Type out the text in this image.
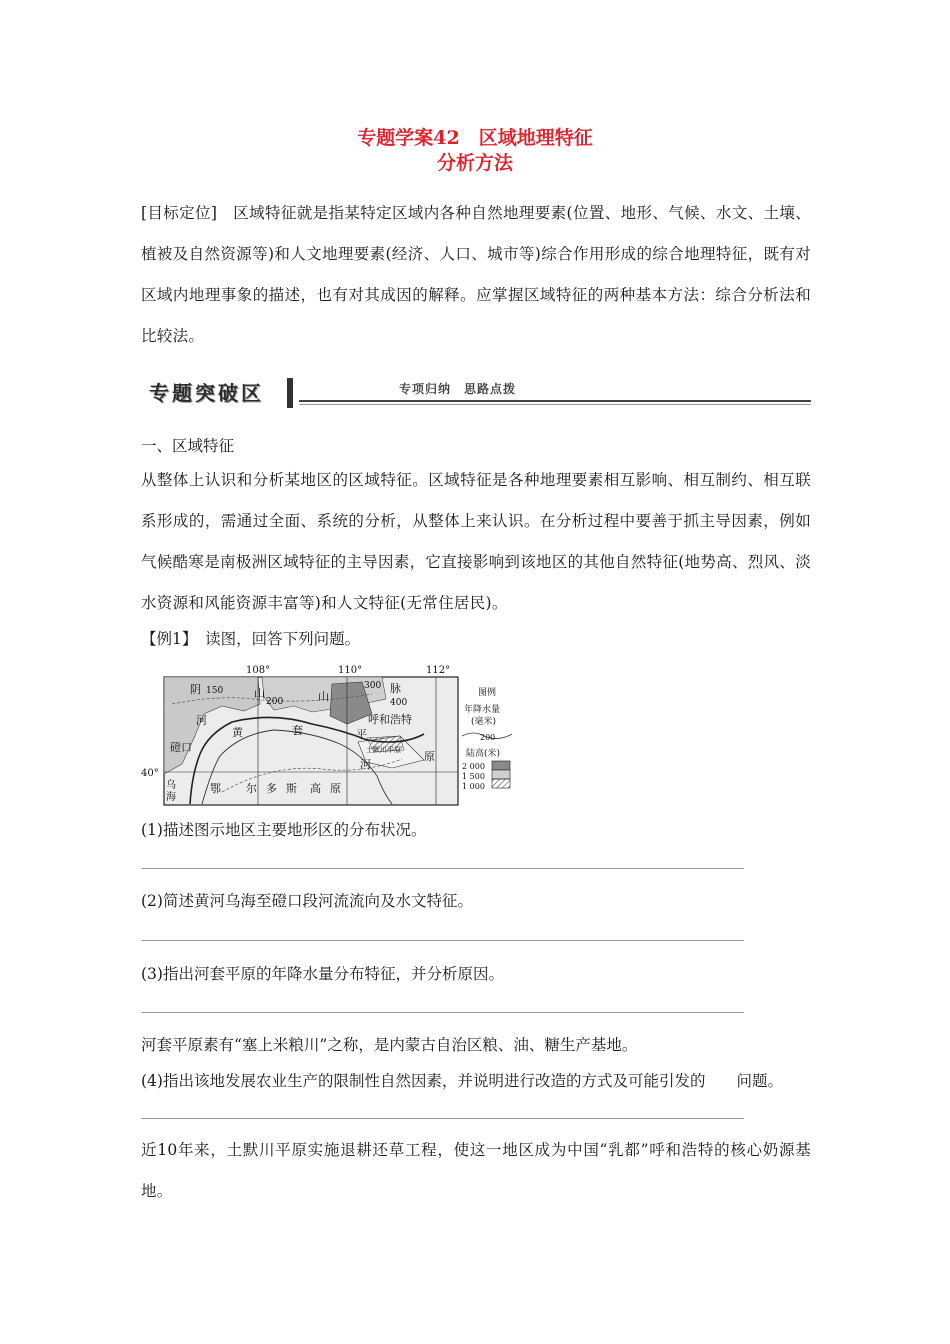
专题学案42　区域地理特征
分析方法
[目标定位]　区域特征就是指某特定区域内各种自然地理要素(位置、地形、气候、水文、土壤、植被及自然资源等)和人文地理要素(经济、人口、城市等)综合作用形成的综合地理特征，既有对区域内地理事象的描述，也有对其成因的解释。应掌握区域特征的两种基本方法：综合分析法和比较法。
专题突破区	专项归纳　思路点拨
一、区域特征
从整体上认识和分析某地区的区域特征。区域特征是各种地理要素相互影响、相互制约、相互联系形成的，需通过全面、系统的分析，从整体上来认识。在分析过程中要善于抓主导因素，例如气候酷寒是南极洲区域特征的主导因素，它直接影响到该地区的其他自然特征(地势高、烈风、淡水资源和风能资源丰富等)和人文特征(无常住居民)。
【例1】　读图，回答下列问题。
108°	110°	112°
40°
阴 150	山
200	山
300 脉
400
呼和浩特
河
黄	套	平
磴口	土默川平原 原
河
乌
海
鄂 尔 多 斯 高 原
图例
年降水量
(毫米)
200
陆高(米)
2 000
1 500
1 000
(1)描述图示地区主要地形区的分布状况。
(2)简述黄河乌海至磴口段河流流向及水文特征。
(3)指出河套平原的年降水量分布特征，并分析原因。
河套平原素有“塞上米粮川”之称，是内蒙古自治区粮、油、糖生产基地。
(4)指出该地发展农业生产的限制性自然因素，并说明进行改造的方式及可能引发的　　问题。
近10年来，土默川平原实施退耕还草工程，使这一地区成为中国“乳都”呼和浩特的核心奶源基地。
